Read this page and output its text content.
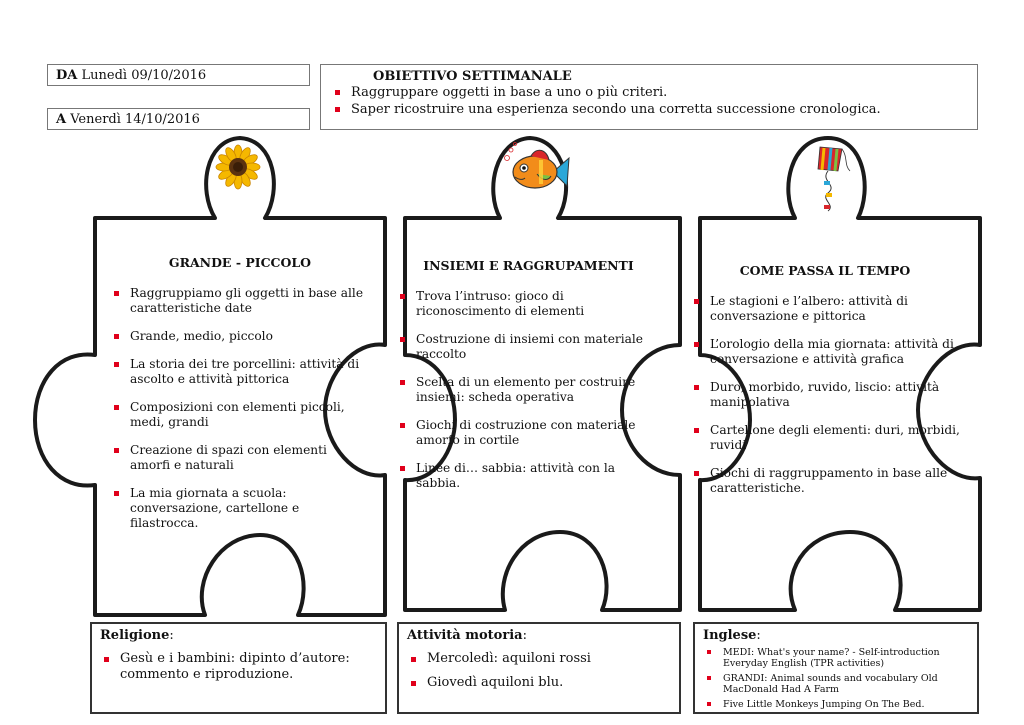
DA Lunedì 09/10/2016
A Venerdì 14/10/2016
OBIETTIVO SETTIMANALE
Raggruppare oggetti in base a uno o più criteri.
Saper ricostruire una esperienza secondo una corretta successione cronologica.
GRANDE - PICCOLO
Raggruppiamo gli oggetti in base alle caratteristiche date
Grande, medio, piccolo
La storia dei tre porcellini: attività di ascolto e attività pittorica
Composizioni con elementi piccoli, medi, grandi
Creazione di spazi con elementi amorfi e naturali
La mia giornata a scuola: conversazione, cartellone e filastrocca.
INSIEMI E RAGGRUPAMENTI
Trova l’intruso: gioco di riconoscimento di elementi
Costruzione di insiemi con materiale raccolto
Scelta di un elemento per costruire insiemi: scheda operativa
Giochi di costruzione con materiale amorfo in cortile
Linee di… sabbia: attività con la sabbia.
COME PASSA IL TEMPO
Le stagioni e l’albero: attività di conversazione e pittorica
L’orologio della mia giornata: attività di conversazione e attività grafica
Duro, morbido, ruvido, liscio: attività manipolativa
Cartellone degli elementi: duri, morbidi, ruvidi
Giochi di raggruppamento in base alle caratteristiche.
Religione:
Gesù e i bambini: dipinto d’autore: commento e riproduzione.
Attività motoria:
Mercoledì: aquiloni rossi
Giovedì aquiloni blu.
Inglese:
MEDI: What's your name? - Self-introduction Everyday English (TPR activities)
GRANDI: Animal sounds and vocabulary Old MacDonald Had A Farm
Five Little Monkeys Jumping On The Bed.
